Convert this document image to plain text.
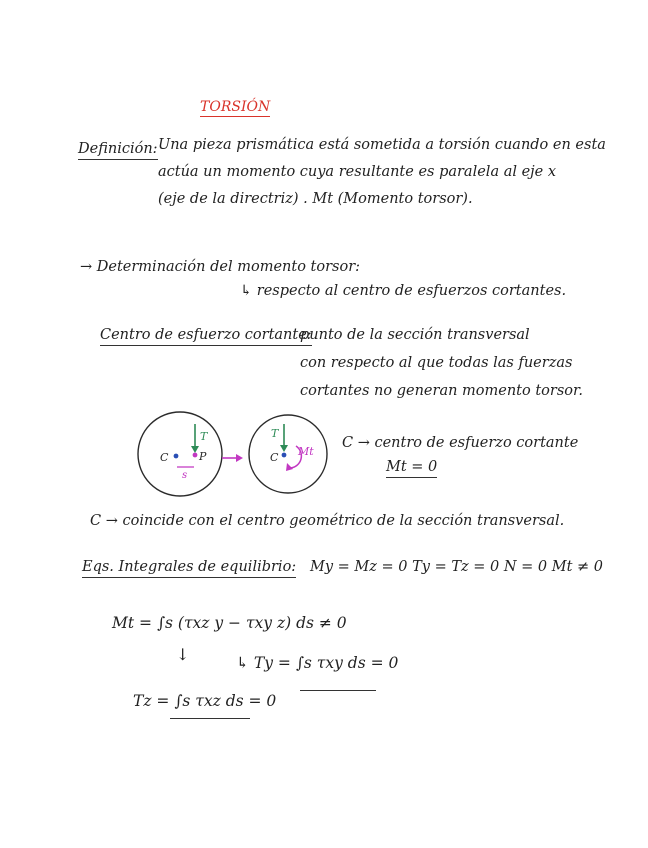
TORSIÓN
Definición: Una pieza prismática está sometida a torsión cuando en esta
actúa un momento cuya resultante es paralela al eje x
(eje de la directriz) . Mt (Momento torsor).
→ Determinación del momento torsor:
↳ respecto al centro de esfuerzos cortantes.
Centro de esfuerzo cortante:
punto de la sección transversal
con respecto al que todas las fuerzas
cortantes no generan momento torsor.
C	P
T
s
C
T
Mt
C → centro de esfuerzo cortante
Mt = 0
C → coincide con el centro geométrico de la sección transversal.
Eqs. Integrales de equilibrio: My = Mz = 0 Ty = Tz = 0 N = 0 Mt ≠ 0
Mt = ∫s (τxz y − τxy z) ds ≠ 0
↓	↳ Ty = ∫s τxy ds = 0
Tz = ∫s τxz ds = 0
